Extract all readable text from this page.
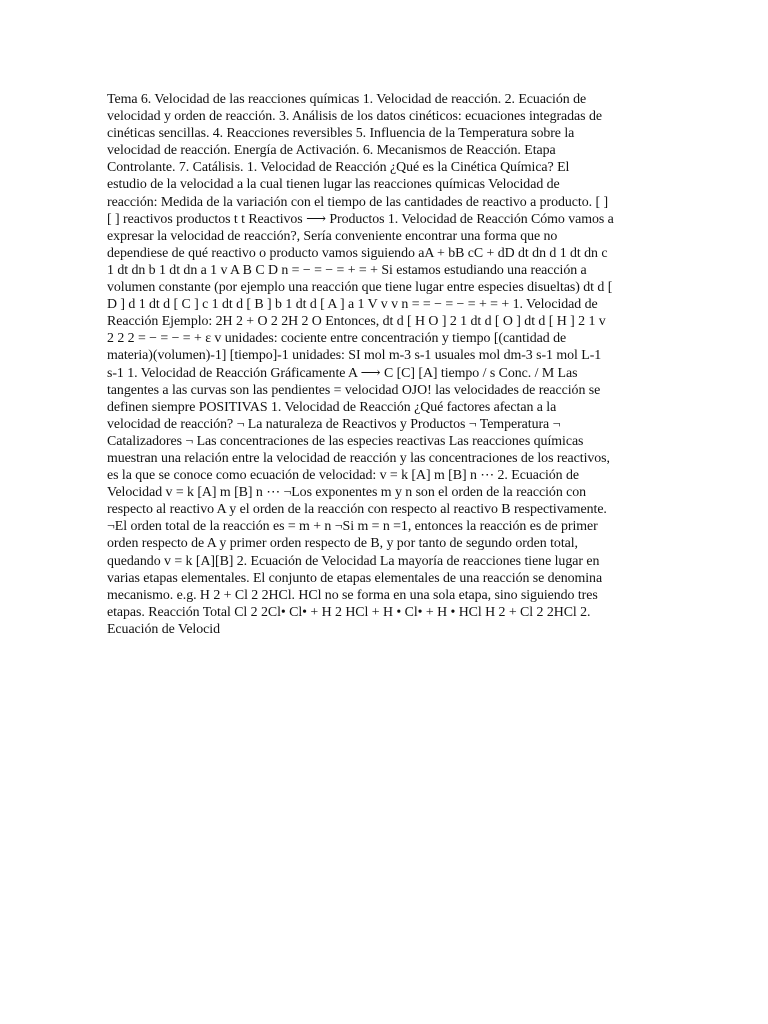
Tema 6. Velocidad de las reacciones químicas 1. Velocidad de reacción. 2. Ecuación de
velocidad y orden de reacción. 3. Análisis de los datos cinéticos: ecuaciones integradas de
cinéticas sencillas. 4. Reacciones reversibles 5. Influencia de la Temperatura sobre la
velocidad de reacción. Energía de Activación. 6. Mecanismos de Reacción. Etapa
Controlante. 7. Catálisis. 1. Velocidad de Reacción ¿Qué es la Cinética Química? El
estudio de la velocidad a la cual tienen lugar las reacciones químicas Velocidad de
reacción: Medida de la variación con el tiempo de las cantidades de reactivo a producto. [ ]
[ ] reactivos productos t t Reactivos ⟶ Productos 1. Velocidad de Reacción Cómo vamos a
expresar la velocidad de reacción?, Sería conveniente encontrar una forma que no
dependiese de qué reactivo o producto vamos siguiendo aA + bB cC + dD dt dn d 1 dt dn c
1 dt dn b 1 dt dn a 1 v A B C D n = − = − = + = + Si estamos estudiando una reacción a
volumen constante (por ejemplo una reacción que tiene lugar entre especies disueltas) dt d [
D ] d 1 dt d [ C ] c 1 dt d [ B ] b 1 dt d [ A ] a 1 V v v n = = − = − = + = + 1. Velocidad de
Reacción Ejemplo: 2H 2 + O 2 2H 2 O Entonces, dt d [ H O ] 2 1 dt d [ O ] dt d [ H ] 2 1 v
2 2 2 = − = − = + ε v unidades: cociente entre concentración y tiempo [(cantidad de
materia)(volumen)-1] [tiempo]-1 unidades: SI mol m-3 s-1 usuales mol dm-3 s-1 mol L-1
s-1 1. Velocidad de Reacción Gráficamente A ⟶ C [C] [A] tiempo / s Conc. / M Las
tangentes a las curvas son las pendientes = velocidad OJO! las velocidades de reacción se
definen siempre POSITIVAS 1. Velocidad de Reacción ¿Qué factores afectan a la
velocidad de reacción? ¬ La naturaleza de Reactivos y Productos ¬ Temperatura ¬
Catalizadores ¬ Las concentraciones de las especies reactivas Las reacciones químicas
muestran una relación entre la velocidad de reacción y las concentraciones de los reactivos,
es la que se conoce como ecuación de velocidad: v = k [A] m [B] n ⋯ 2. Ecuación de
Velocidad v = k [A] m [B] n ⋯ ¬Los exponentes m y n son el orden de la reacción con
respecto al reactivo A y el orden de la reacción con respecto al reactivo B respectivamente.
¬El orden total de la reacción es = m + n ¬Si m = n =1, entonces la reacción es de primer
orden respecto de A y primer orden respecto de B, y por tanto de segundo orden total,
quedando v = k [A][B] 2. Ecuación de Velocidad La mayoría de reacciones tiene lugar en
varias etapas elementales. El conjunto de etapas elementales de una reacción se denomina
mecanismo. e.g. H 2 + Cl 2 2HCl. HCl no se forma en una sola etapa, sino siguiendo tres
etapas. Reacción Total Cl 2 2Cl• Cl• + H 2 HCl + H • Cl• + H • HCl H 2 + Cl 2 2HCl 2.
Ecuación de Velocid
